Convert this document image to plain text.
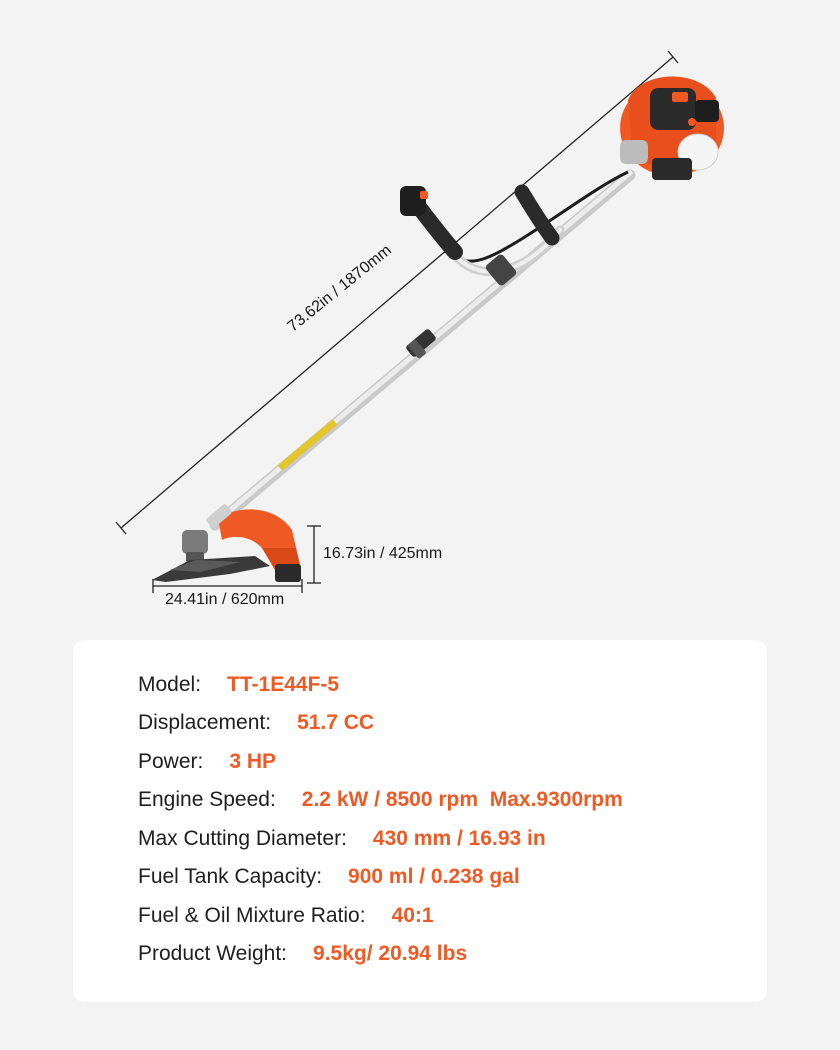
73.62in / 1870mm
16.73in / 425mm
24.41in / 620mm
Model: TT-1E44F-5
Displacement: 51.7 CC
Power: 3 HP
Engine Speed: 2.2 kW / 8500 rpm  Max.9300rpm
Max Cutting Diameter: 430 mm / 16.93 in
Fuel Tank Capacity: 900 ml / 0.238 gal
Fuel & Oil Mixture Ratio: 40:1
Product Weight: 9.5kg/ 20.94 lbs
